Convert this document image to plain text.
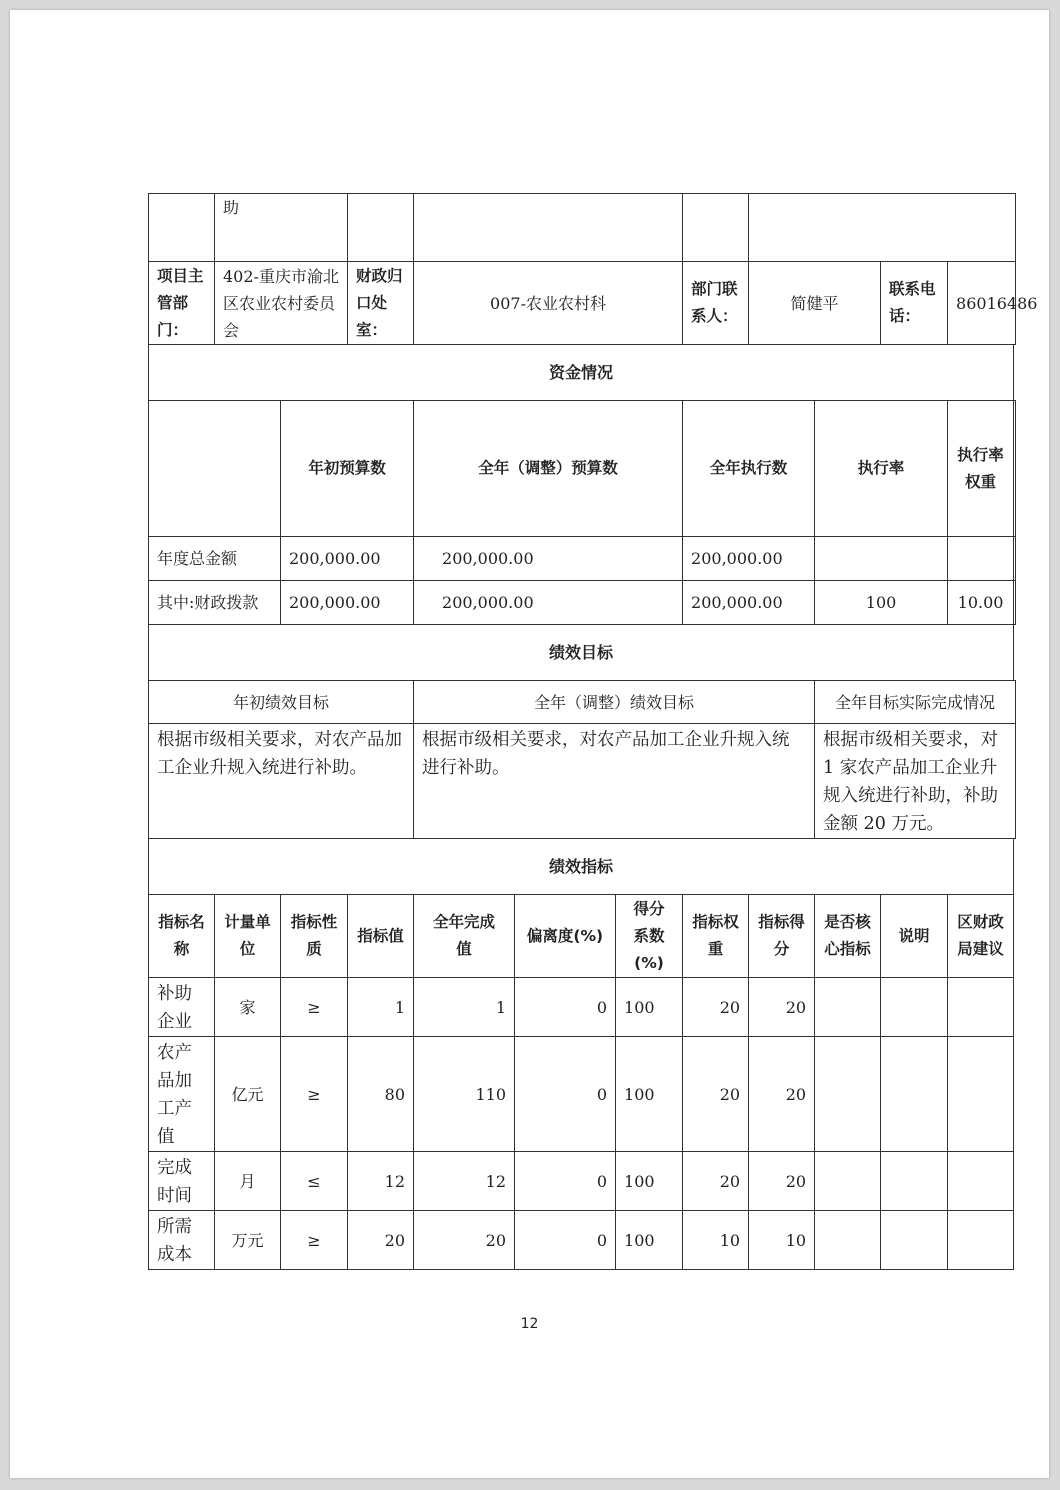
	助											
项目主管部门：	402-重庆市渝北区农业农村委员会		财政归口处室：	007-农业农村科			部门联系人：	简健平		联系电话：	86016486	
资金情况												
		年初预算数		全年（调整）预算数			全年执行数		执行率		执行率权重	
年度总金额		200,000.00		200,000.00			200,000.00					
其中:财政拨款		200,000.00		200,000.00			200,000.00		100		10.00	
绩效目标												
年初绩效目标				全年（调整）绩效目标					全年目标实际完成情况			
根据市级相关要求，对农产品加工企业升规入统进行补助。				根据市级相关要求，对农产品加工企业升规入统进行补助。					根据市级相关要求，对 1 家农产品加工企业升规入统进行补助，补助金额 20 万元。			
绩效指标												
指标名称	计量单位	指标性质	指标值	全年完成值	偏离度(%)	得分系数(%)	指标权重	指标得分	是否核心指标	说明	区财政局建议	
补助企业	家	≥	1	1	0	100	20	20				
农产品加工产值	亿元	≥	80	110	0	100	20	20				
完成时间	月	≤	12	12	0	100	20	20				
所需成本	万元	≥	20	20	0	100	10	10				
12
